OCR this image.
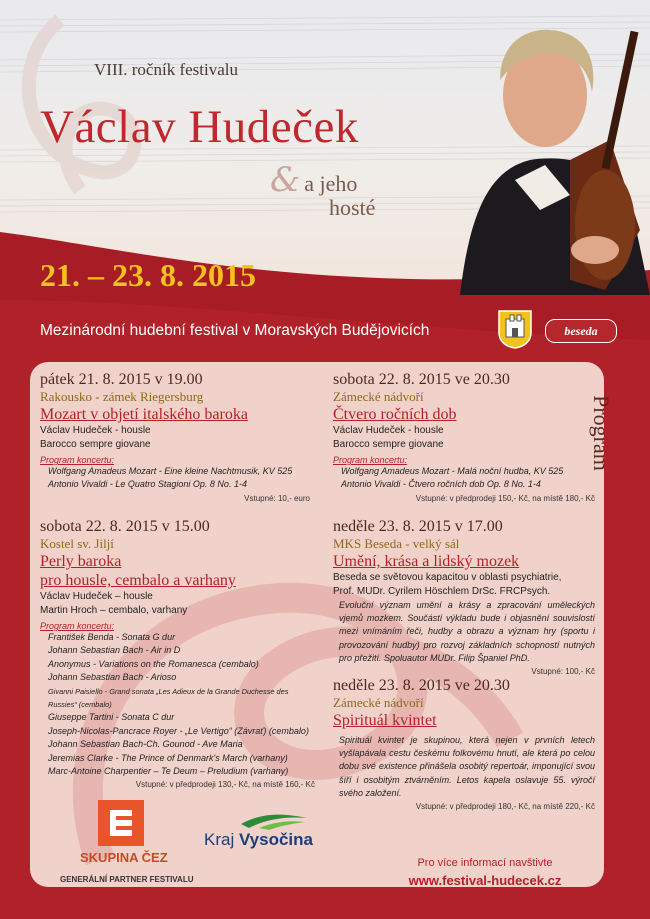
VIII. ročník festivalu
Václav Hudeček
& a jeho
hosté
21. – 23. 8. 2015
Mezinárodní hudební festival v Moravských Budějovicích	beseda
Program
pátek 21. 8. 2015 v 19.00
Rakousko - zámek Riegersburg
Mozart v objetí italského baroka
Václav Hudeček - housle
Barocco sempre giovane
Program koncertu:
Wolfgang Amadeus Mozart - Eine kleine Nachtmusik, KV 525
Antonio Vivaldi - Le Quatro Stagioni Op. 8 No. 1-4
Vstupné: 10,- euro
sobota 22. 8. 2015 ve 20.30
Zámecké nádvoří
Čtvero ročních dob
Václav Hudeček - housle
Barocco sempre giovane
Program koncertu:
Wolfgang Amadeus Mozart - Malá noční hudba, KV 525
Antonio Vivaldi - Čtvero ročních dob Op. 8 No. 1-4
Vstupné: v předprodeji 150,- Kč, na místě 180,- Kč
sobota 22. 8. 2015 v 15.00
Kostel sv. Jiljí
Perly baroka
pro housle, cembalo a varhany
Václav Hudeček – housle
Martin Hroch – cembalo, varhany
Program koncertu:
František Benda - Sonata G dur
Johann Sebastian Bach - Air in D
Anonymus - Variations on the Romanesca (cembalo)
Johann Sebastian Bach - Arioso
Givanni Paisiello - Grand sonata „Les Adieux de la Grande Duchesse des Russies“ (cembalo)
Giuseppe Tartini - Sonata C dur
Joseph-Nicolas-Pancrace Royer - „Le Vertigo“ (Závrať) (cembalo)
Johann Sebastian Bach-Ch. Gounod - Ave Maria
Jeremias Clarke - The Prince of Denmark's March (varhany)
Marc-Antoine Charpentier – Te Deum – Preludium (varhany)
Vstupné: v předprodeji 130,- Kč, na místě 160,- Kč
neděle 23. 8. 2015 v 17.00
MKS Beseda - velký sál
Umění, krása a lidský mozek
Beseda se světovou kapacitou v oblasti psychiatrie,
Prof. MUDr. Cyrilem Höschlem DrSc. FRCPsych.
Evoluční význam umění a krásy a zpracování uměleckých vjemů mozkem. Součástí výkladu bude i objasnění souvislostí mezi vnímáním řeči, hudby a obrazu a význam hry (sportu i provozování hudby) pro rozvoj základních schopností nutných pro přežití. Spoluautor MUDr. Filip Španiel PhD.
Vstupné: 100,- Kč
neděle 23. 8. 2015 ve 20.30
Zámecké nádvoří
Spirituál kvintet
Spirituál kvintet je skupinou, která nejen v prvních letech vyšlapávala cestu českému folkovému hnutí, ale která po celou dobu své existence přinášela osobitý repertoár, imponující svou šíří i osobitým ztvárněním. Letos kapela oslavuje 55. výročí svého založení.
Vstupné: v předprodeji 180,- Kč, na místě 220,- Kč
SKUPINA ČEZ
GENERÁLNÍ PARTNER FESTIVALU
Kraj Vysočina
Pro více informací navštivte
www.festival-hudecek.cz
